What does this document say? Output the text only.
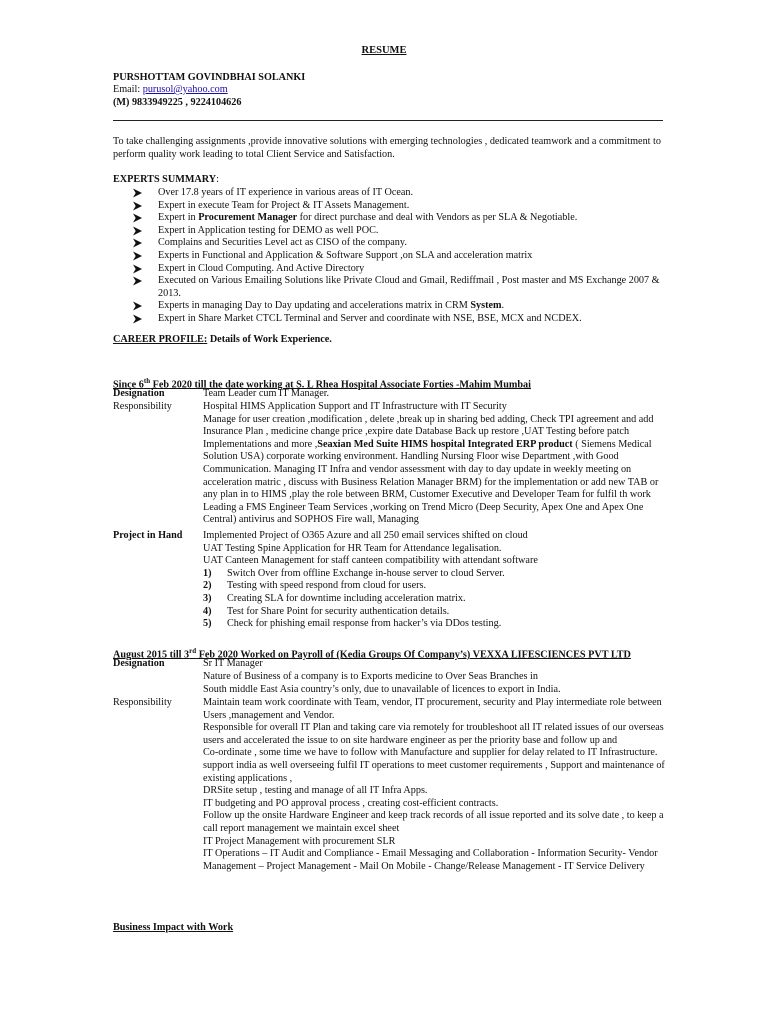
RESUME
PURSHOTTAM GOVINDBHAI SOLANKI
Email: purusol@yahoo.com
(M) 9833949225 , 9224104626
To take challenging assignments ,provide innovative solutions with emerging technologies , dedicated teamwork and a commitment to perform quality work leading to total Client Service and Satisfaction.
EXPERTS SUMMARY:
Over 17.8 years of IT experience in various areas of IT Ocean.
Expert in execute Team for Project & IT Assets Management.
Expert in Procurement Manager for direct purchase and deal with Vendors as per SLA & Negotiable.
Expert in Application testing for DEMO as well POC.
Complains and Securities Level act as CISO of the company.
Experts in Functional and Application & Software Support ,on SLA and acceleration matrix
Expert in Cloud Computing. And Active Directory
Executed on Various Emailing Solutions like Private Cloud and Gmail, Rediffmail , Post master and MS Exchange 2007 & 2013.
Experts in managing Day to Day updating and accelerations matrix in CRM System.
Expert in Share Market CTCL Terminal and Server and coordinate with NSE, BSE, MCX and NCDEX.
CAREER PROFILE: Details of Work Experience.
Since 6th Feb 2020 till the date working at S. L Rhea Hospital Associate Forties -Mahim Mumbai
Designation	Team Leader cum IT Manager.
Responsibility	Hospital HIMS Application Support and IT Infrastructure with IT Security

Manage for user creation ,modification , delete ,break up in sharing bed adding, Check TPI agreement and add

Insurance Plan , medicine change price ,expire date Database Back up restore ,UAT Testing before patch

Implementations and more ,Seaxian Med Suite HIMS hospital Integrated ERP product ( Siemens Medical

Solution USA) corporate working environment. Handling Nursing Floor wise Department ,with Good

Communication. Managing IT Infra and vendor assessment with day to day update in weekly meeting on

acceleration matric , discuss with Business Relation Manager BRM) for the implementation or add new TAB or

any plan in to HIMS ,play the role between BRM, Customer Executive and Developer Team for fulfil th work

Leading a FMS Engineer Team Services ,working on Trend Micro (Deep Security, Apex One and Apex One

Central) antivirus and SOPHOS Fire wall, Managing

Project in Hand Implemented Project of O365 Azure and all 250 email services shifted on cloud

UAT Testing Spine Application for HR Team for Attendance legalisation.

UAT Canteen Management for staff canteen compatibility with attendant software

1) Switch Over from offline Exchange in-house server to cloud Server.

2) Testing with speed respond from cloud for users.

3) Creating SLA for downtime including acceleration matrix.

4) Test for Share Point for security authentication details.

5) Check for phishing email response from hacker’s via DDos testing.

August 2015 till 3rd Feb 2020 Worked on Payroll of (Kedia Groups Of Company’s) VEXXA LIFESCIENCES PVT LTD
Designation	Sr IT Manager

Nature of Business of a company is to Exports medicine to Over Seas Branches in

South middle East Asia country’s only, due to unavailable of licences to export in India.

Responsibility	Maintain team work coordinate with Team, vendor, IT procurement, security and Play intermediate role between

Users ,management and Vendor.

Responsible for overall IT Plan and taking care via remotely for troubleshoot all IT related issues of our overseas

users and accelerated the issue to on site hardware engineer as per the priority base and follow up and

Co-ordinate , some time we have to follow with Manufacture and supplier for delay related to IT Infrastructure.

support india as well overseeing fulfil IT operations to meet customer requirements , Support and maintenance of

existing applications ,

DRSite setup , testing and manage of all IT Infra Apps.

IT budgeting and PO approval process , creating cost-efficient contracts.

Follow up the onsite Hardware Engineer and keep track records of all issue reported and its solve date , to keep a

call report management we maintain excel sheet

IT Project Management with procurement SLR

IT Operations – IT Audit and Compliance - Email Messaging and Collaboration - Information Security- Vendor

Management – Project Management - Mail On Mobile - Change/Release Management - IT Service Delivery

Business Impact with Work
